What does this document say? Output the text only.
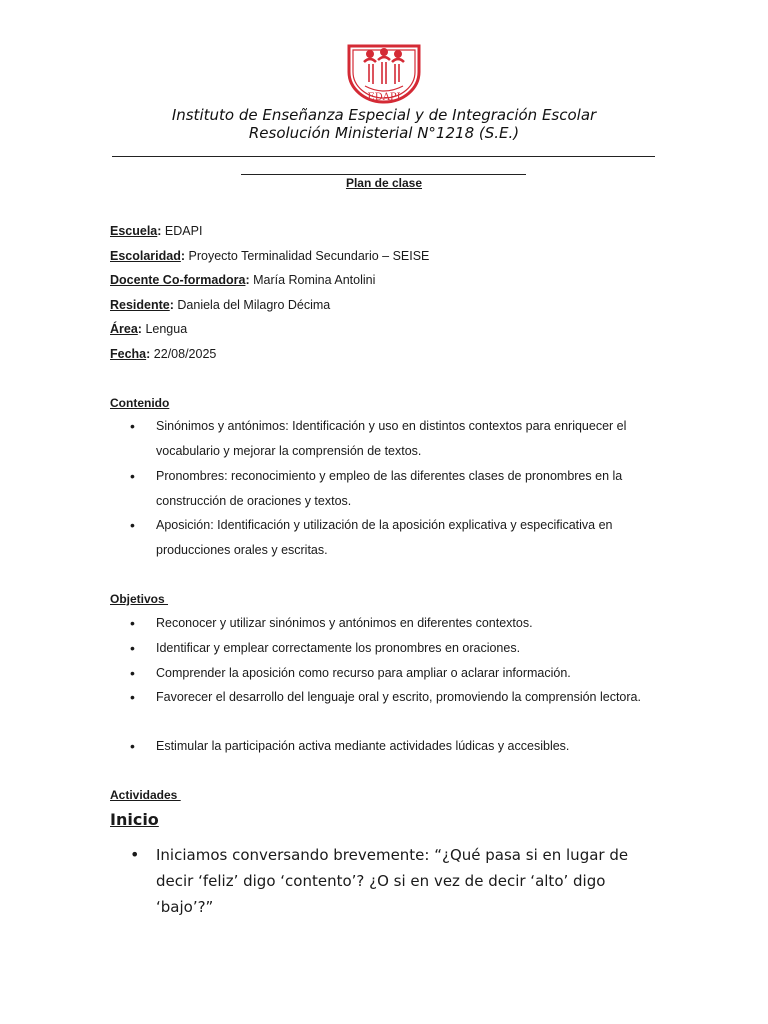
EDAPI
Instituto de Enseñanza Especial y de Integración Escolar
Resolución Ministerial N°1218 (S.E.)
Plan de clase
Escuela: EDAPI
Escolaridad: Proyecto Terminalidad Secundario – SEISE
Docente Co-formadora: María Romina Antolini
Residente: Daniela del Milagro Décima
Área: Lengua
Fecha: 22/08/2025
Contenido
• Sinónimos y antónimos: Identificación y uso en distintos contextos para enriquecer el vocabulario y mejorar la comprensión de textos.
• Pronombres: reconocimiento y empleo de las diferentes clases de pronombres en la construcción de oraciones y textos.
• Aposición: Identificación y utilización de la aposición explicativa y especificativa en producciones orales y escritas.
Objetivos
• Reconocer y utilizar sinónimos y antónimos en diferentes contextos.
• Identificar y emplear correctamente los pronombres en oraciones.
• Comprender la aposición como recurso para ampliar o aclarar información.
• Favorecer el desarrollo del lenguaje oral y escrito, promoviendo la comprensión lectora.
• Estimular la participación activa mediante actividades lúdicas y accesibles.
Actividades
Inicio
• Iniciamos conversando brevemente: “¿Qué pasa si en lugar de decir ‘feliz’ digo ‘contento’? ¿O si en vez de decir ‘alto’ digo ‘bajo’?”
